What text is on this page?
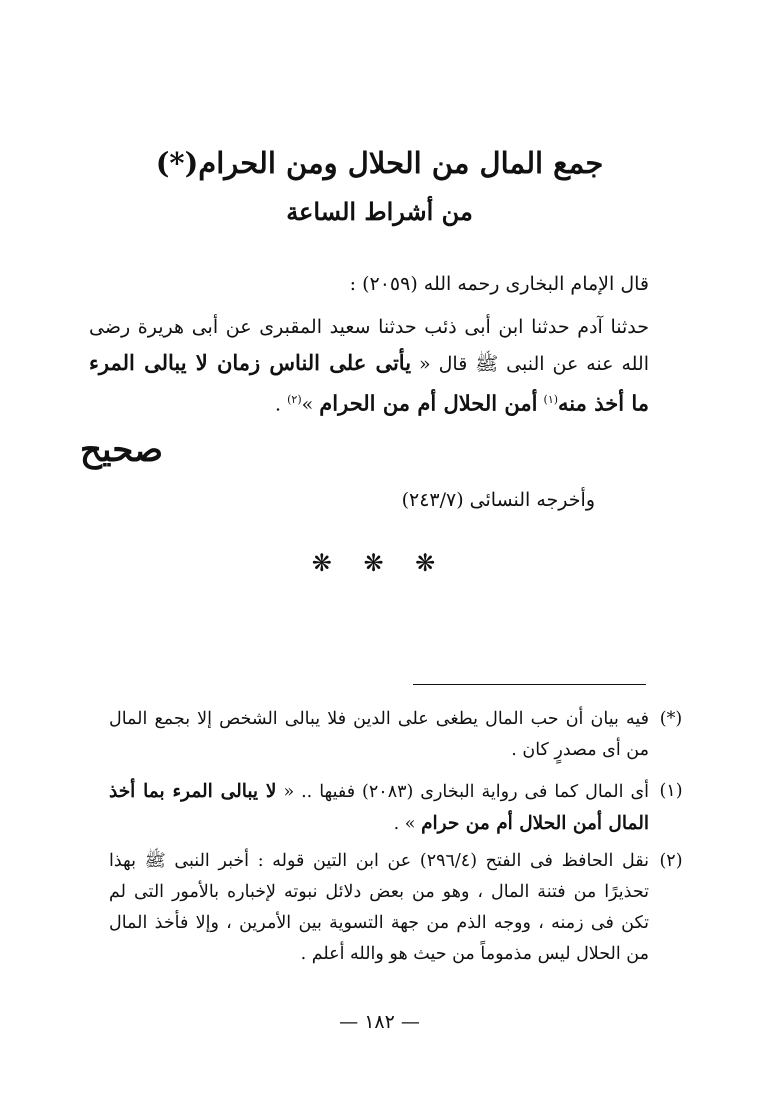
جمع المال من الحلال ومن الحرام(*)
من أشراط الساعة
قال الإمام البخارى رحمه الله (٢٠٥٩) :
حدثنا آدم حدثنا ابن أبى ذئب حدثنا سعيد المقبرى عن أبى هريرة رضى الله عنه عن النبى ﷺ قال « يأتى على الناس زمان لا يبالى المرء ما أخذ منه$^{(١)}$ أمن الحلال أم من الحرام »$^{(٢)}$ .
صحيح
وأخرجه النسائى (٢٤٣/٧)
❋ ❋ ❋
(*)
فيه بيان أن حب المال يطغى على الدين فلا يبالى الشخص إلا بجمع المال من أى مصدرٍ كان .
(١)
أى المال كما فى رواية البخارى (٢٠٨٣) ففيها .. « لا يبالى المرء بما أخذ المال أمن الحلال أم من حرام » .
(٢)
نقل الحافظ فى الفتح (٢٩٦/٤) عن ابن التين قوله : أخبر النبى ﷺ بهذا تحذيرًا من فتنة المال ، وهو من بعض دلائل نبوته لإخباره بالأمور التى لم تكن فى زمنه ، ووجه الذم من جهة التسوية بين الأمرين ، وإلا فأخذ المال من الحلال ليس مذموماً من حيث هو والله أعلم .
— ١٨٢ —
